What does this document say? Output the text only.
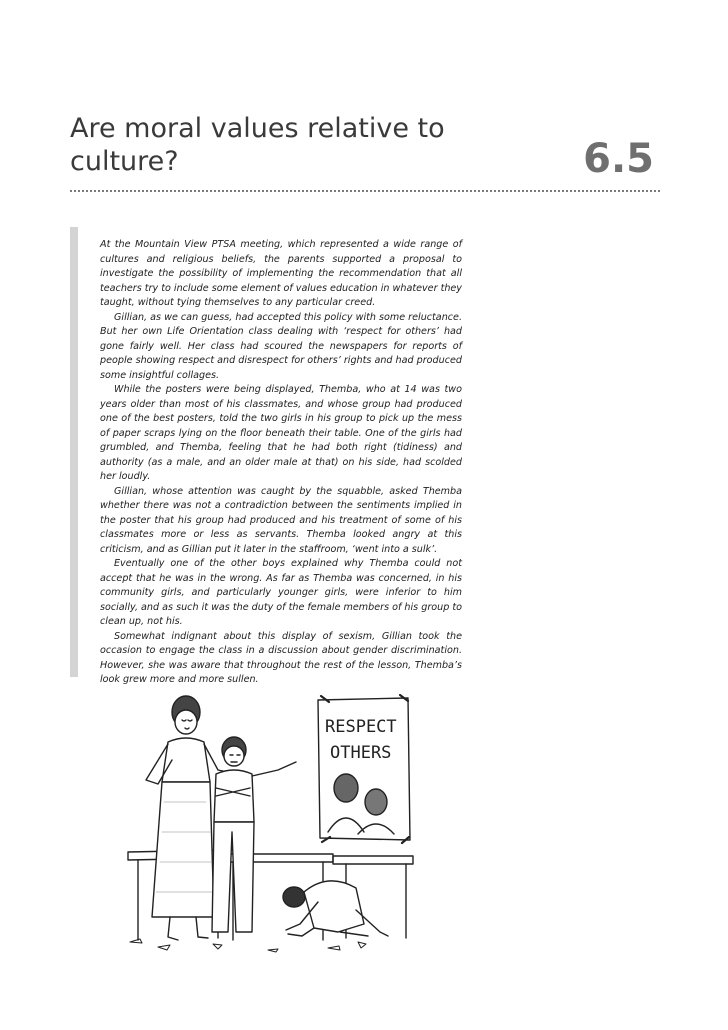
Are moral values relative to culture?	6.5

At the Mountain View PTSA meeting, which represented a wide range of cultures and religious beliefs, the parents supported a proposal to investigate the possibility of implementing the recommendation that all teachers try to include some element of values education in whatever they taught, without tying themselves to any particular creed.

Gillian, as we can guess, had accepted this policy with some reluctance. But her own Life Orientation class dealing with ‘respect for others’ had gone fairly well. Her class had scoured the newspapers for reports of people showing respect and disrespect for others’ rights and had produced some insightful collages.

While the posters were being displayed, Themba, who at 14 was two years older than most of his classmates, and whose group had produced one of the best posters, told the two girls in his group to pick up the mess of paper scraps lying on the floor beneath their table. One of the girls had grumbled, and Themba, feeling that he had both right (tidiness) and authority (as a male, and an older male at that) on his side, had scolded her loudly.

Gillian, whose attention was caught by the squabble, asked Themba whether there was not a contradiction between the sentiments implied in the poster that his group had produced and his treatment of some of his classmates more or less as servants. Themba looked angry at this criticism, and as Gillian put it later in the staffroom, ‘went into a sulk’.

Eventually one of the other boys explained why Themba could not accept that he was in the wrong. As far as Themba was concerned, in his community girls, and particularly younger girls, were inferior to him socially, and as such it was the duty of the female members of his group to clean up, not his.

Somewhat indignant about this display of sexism, Gillian took the occasion to engage the class in a discussion about gender discrimination. However, she was aware that throughout the rest of the lesson, Themba’s look grew more and more sullen.

RESPECT
OTHERS
